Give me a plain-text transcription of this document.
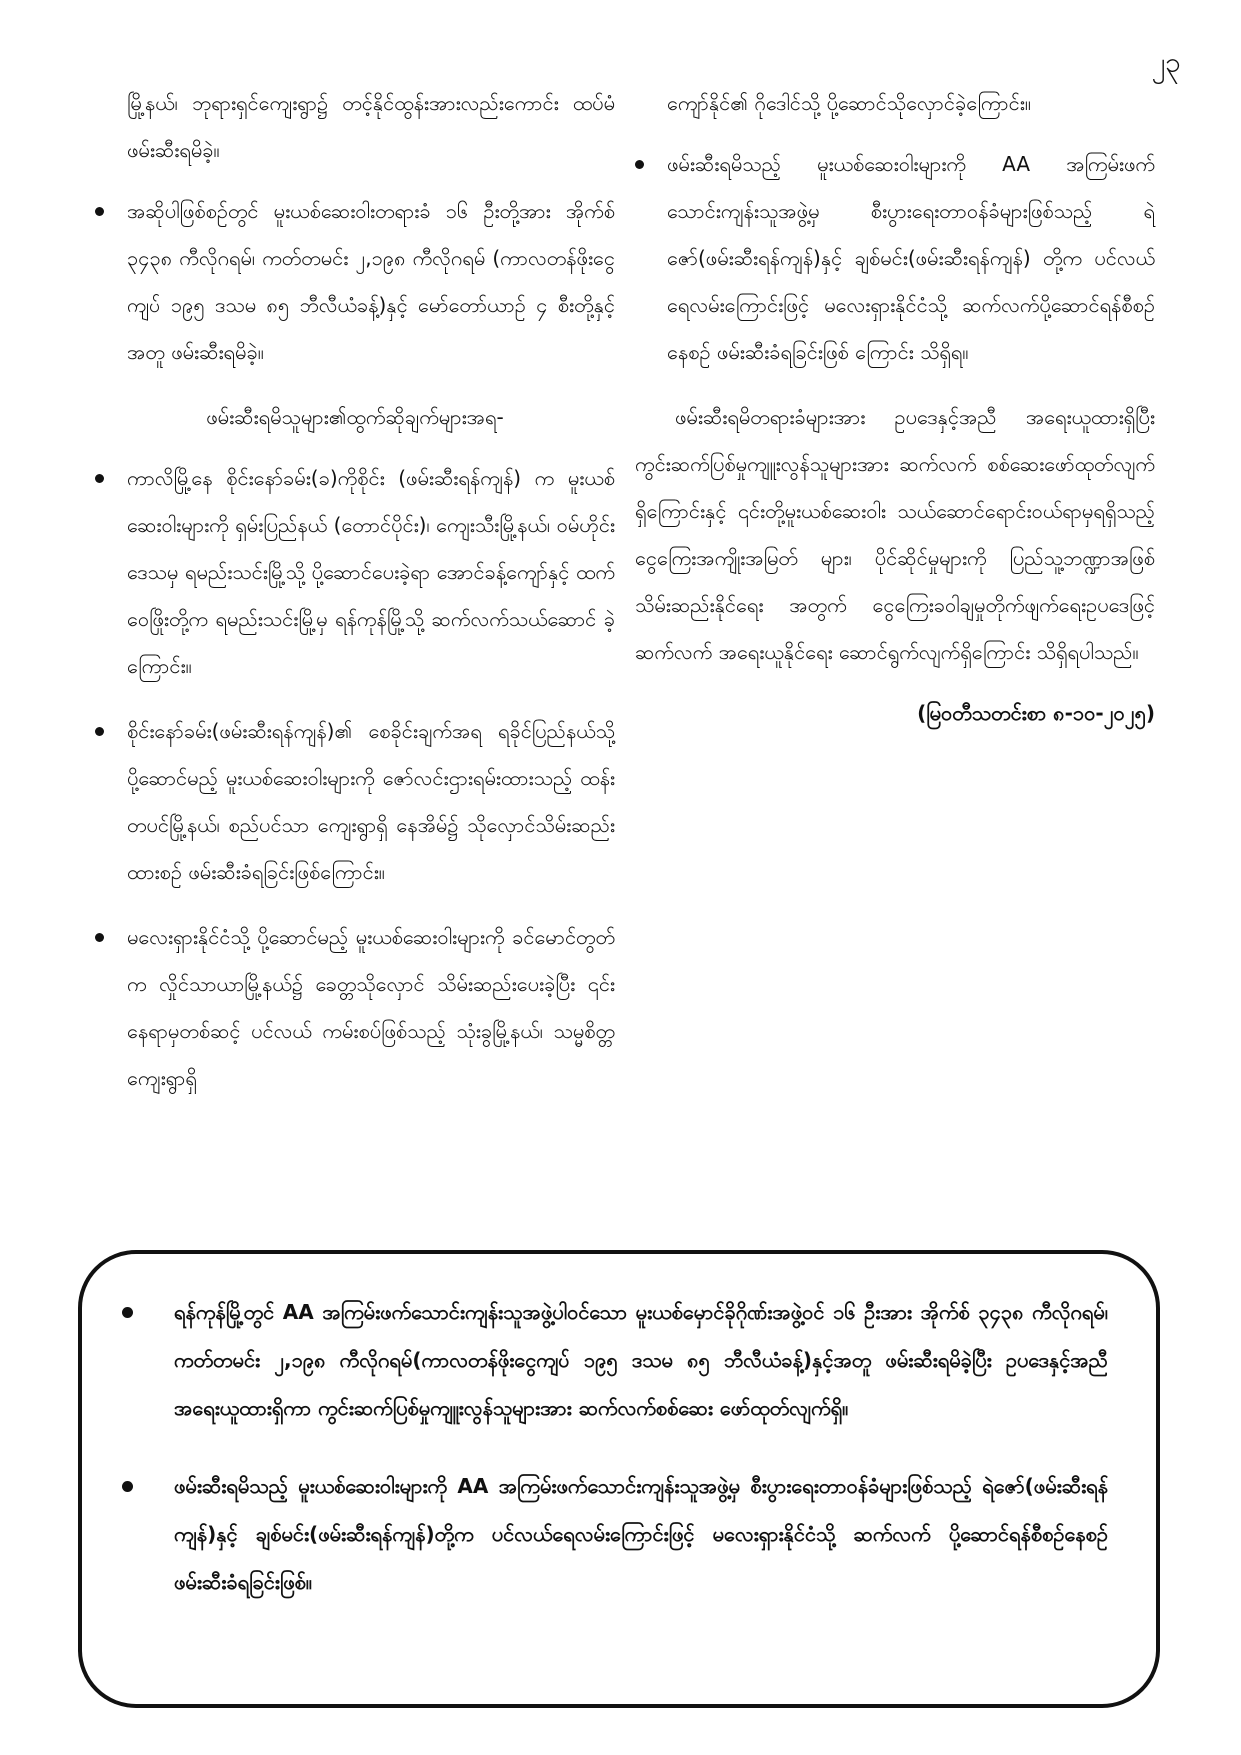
၂၃

မြို့နယ်၊ ဘုရားရှင်ကျေးရွာ၌ တင့်နိုင်ထွန်းအားလည်းကောင်း ထပ်မံဖမ်းဆီးရမိခဲ့။

အဆိုပါဖြစ်စဉ်တွင် မူးယစ်ဆေးဝါးတရားခံ ၁၆ ဦးတို့အား အိုက်စ် ၃၄၃၈ ကီလိုဂရမ်၊ ကတ်တမင်း ၂,၁၉၈ ကီလိုဂရမ် (ကာလတန်ဖိုးငွေကျပ် ၁၉၅ ဒသမ ၈၅ ဘီလီယံခန့်)နှင့် မော်တော်ယာဉ် ၄ စီးတို့နှင့်အတူ ဖမ်းဆီးရမိခဲ့။

ဖမ်းဆီးရမိသူများ၏ထွက်ဆိုချက်များအရ-

ကာလိမြို့နေ စိုင်းနော်ခမ်း(ခ)ကိုစိုင်း (ဖမ်းဆီးရန်ကျန်) က မူးယစ်ဆေးဝါးများကို ရှမ်းပြည်နယ် (တောင်ပိုင်း)၊ ကျေးသီးမြို့နယ်၊ ဝမ်ဟိုင်းဒေသမှ ရမည်းသင်းမြို့သို့ ပို့ဆောင်ပေးခဲ့ရာ အောင်ခန့်ကျော်နှင့် ထက်ဝေဖြိုးတို့က ရမည်းသင်းမြို့မှ ရန်ကုန်မြို့သို့ ဆက်လက်သယ်ဆောင် ခဲ့ကြောင်း။
စိုင်းနော်ခမ်း(ဖမ်းဆီးရန်ကျန်)၏ စေခိုင်းချက်အရ ရခိုင်ပြည်နယ်သို့ ပို့ဆောင်မည့် မူးယစ်ဆေးဝါးများကို ဇော်လင်းဌားရမ်းထားသည့် ထန်းတပင်မြို့နယ်၊ စည်ပင်သာ ကျေးရွာရှိ နေအိမ်၌ သိုလှောင်သိမ်းဆည်းထားစဉ် ဖမ်းဆီးခံရခြင်းဖြစ်ကြောင်း။
မလေးရှားနိုင်ငံသို့ ပို့ဆောင်မည့် မူးယစ်ဆေးဝါးများကို ခင်မောင်တွတ်က လှိုင်သာယာမြို့နယ်၌ ခေတ္တသိုလှောင် သိမ်းဆည်းပေးခဲ့ပြီး ၎င်းနေရာမှတစ်ဆင့် ပင်လယ် ကမ်းစပ်ဖြစ်သည့် သုံးခွမြို့နယ်၊ သမ္မစိတ္တကျေးရွာရှိ

ကျော်နိုင်၏ ဂိုဒေါင်သို့ ပို့ဆောင်သိုလှောင်ခဲ့ကြောင်း။

ဖမ်းဆီးရမိသည့် မူးယစ်ဆေးဝါးများကို AA အကြမ်းဖက် သောင်းကျန်းသူအဖွဲ့မှ စီးပွားရေးတာဝန်ခံများဖြစ်သည့် ရဲဇော်(ဖမ်းဆီးရန်ကျန်)နှင့် ချစ်မင်း(ဖမ်းဆီးရန်ကျန်) တို့က ပင်လယ်ရေလမ်းကြောင်းဖြင့် မလေးရှားနိုင်ငံသို့ ဆက်လက်ပို့ဆောင်ရန်စီစဉ်နေစဉ် ဖမ်းဆီးခံရခြင်းဖြစ် ကြောင်း သိရှိရ။

ဖမ်းဆီးရမိတရားခံများအား ဥပဒေနှင့်အညီ အရေးယူထားရှိပြီး ကွင်းဆက်ပြစ်မှုကျူးလွန်သူများအား ဆက်လက် စစ်ဆေးဖော်ထုတ်လျက်ရှိကြောင်းနှင့် ၎င်းတို့မူးယစ်ဆေးဝါး သယ်ဆောင်ရောင်းဝယ်ရာမှရရှိသည့် ငွေကြေးအကျိုးအမြတ် များ၊ ပိုင်ဆိုင်မှုများကို ပြည်သူ့ဘဏ္ဍာအဖြစ် သိမ်းဆည်းနိုင်ရေး အတွက် ငွေကြေးခဝါချမှုတိုက်ဖျက်ရေးဥပဒေဖြင့် ဆက်လက် အရေးယူနိုင်ရေး ဆောင်ရွက်လျက်ရှိကြောင်း သိရှိရပါသည်။

(မြဝတီသတင်းစာ ၈-၁၀-၂၀၂၅)

ရန်ကုန်မြို့တွင် AA အကြမ်းဖက်သောင်းကျန်းသူအဖွဲ့ပါဝင်သော မူးယစ်မှောင်ခိုဂိုဏ်းအဖွဲ့ဝင် ၁၆ ဦးအား အိုက်စ် ၃၄၃၈ ကီလိုဂရမ်၊ ကတ်တမင်း ၂,၁၉၈ ကီလိုဂရမ်(ကာလတန်ဖိုးငွေကျပ် ၁၉၅ ဒသမ ၈၅ ဘီလီယံခန့်)နှင့်အတူ ဖမ်းဆီးရမိခဲ့ပြီး ဥပဒေနှင့်အညီ အရေးယူထားရှိကာ ကွင်းဆက်ပြစ်မှုကျူးလွန်သူများအား ဆက်လက်စစ်ဆေး ဖော်ထုတ်လျက်ရှိ။
ဖမ်းဆီးရမိသည့် မူးယစ်ဆေးဝါးများကို AA အကြမ်းဖက်သောင်းကျန်းသူအဖွဲ့မှ စီးပွားရေးတာဝန်ခံများဖြစ်သည့် ရဲဇော်(ဖမ်းဆီးရန်ကျန်)နှင့် ချစ်မင်း(ဖမ်းဆီးရန်ကျန်)တို့က ပင်လယ်ရေလမ်းကြောင်းဖြင့် မလေးရှားနိုင်ငံသို့ ဆက်လက် ပို့ဆောင်ရန်စီစဉ်နေစဉ် ဖမ်းဆီးခံရခြင်းဖြစ်။
